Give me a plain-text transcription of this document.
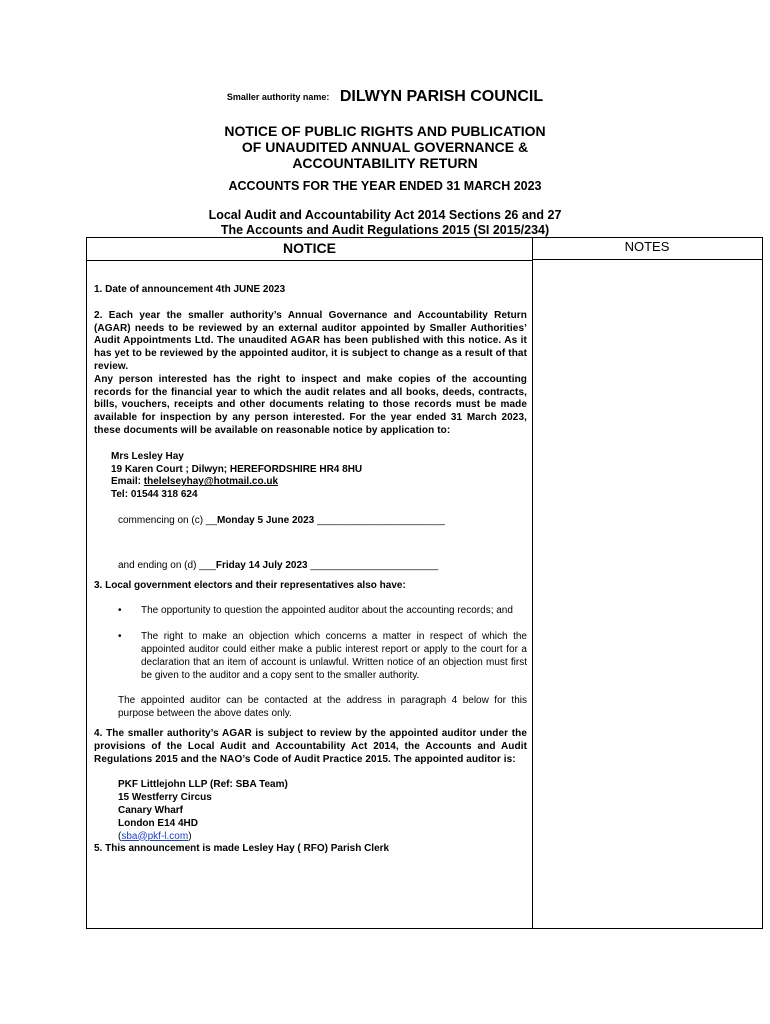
Smaller authority name: DILWYN PARISH COUNCIL
NOTICE OF PUBLIC RIGHTS AND PUBLICATION
OF UNAUDITED ANNUAL GOVERNANCE &
ACCOUNTABILITY RETURN
ACCOUNTS FOR THE YEAR ENDED 31 MARCH 2023
Local Audit and Accountability Act 2014 Sections 26 and 27
The Accounts and Audit Regulations 2015 (SI 2015/234)
NOTICE	NOTES

1. Date of announcement 4th JUNE 2023

2. Each year the smaller authority’s Annual Governance and Accountability Return (AGAR) needs to be reviewed by an external auditor appointed by Smaller Authorities’ Audit Appointments Ltd. The unaudited AGAR has been published with this notice. As it has yet to be reviewed by the appointed auditor, it is subject to change as a result of that review.

Any person interested has the right to inspect and make copies of the accounting records for the financial year to which the audit relates and all books, deeds, contracts, bills, vouchers, receipts and other documents relating to those records must be made available for inspection by any person interested. For the year ended 31 March 2023, these documents will be available on reasonable notice by application to:

Mrs Lesley Hay
19 Karen Court ; Dilwyn; HEREFORDSHIRE HR4 8HU
Email: thelelseyhay@hotmail.co.uk
Tel: 01544 318 624
commencing on (c) __Monday 5 June 2023 _______________________
and ending on (d) ___Friday 14 July 2023 _______________________

3. Local government electors and their representatives also have:

• The opportunity to question the appointed auditor about the accounting records; and
• The right to make an objection which concerns a matter in respect of which the appointed auditor could either make a public interest report or apply to the court for a declaration that an item of account is unlawful. Written notice of an objection must first be given to the auditor and a copy sent to the smaller authority.

The appointed auditor can be contacted at the address in paragraph 4 below for this purpose between the above dates only.

4. The smaller authority’s AGAR is subject to review by the appointed auditor under the provisions of the Local Audit and Accountability Act 2014, the Accounts and Audit Regulations 2015 and the NAO’s Code of Audit Practice 2015. The appointed auditor is:

PKF Littlejohn LLP (Ref: SBA Team)
15 Westferry Circus
Canary Wharf
London E14 4HD
(sba@pkf-l.com)

5. This announcement is made Lesley Hay ( RFO) Parish Clerk
